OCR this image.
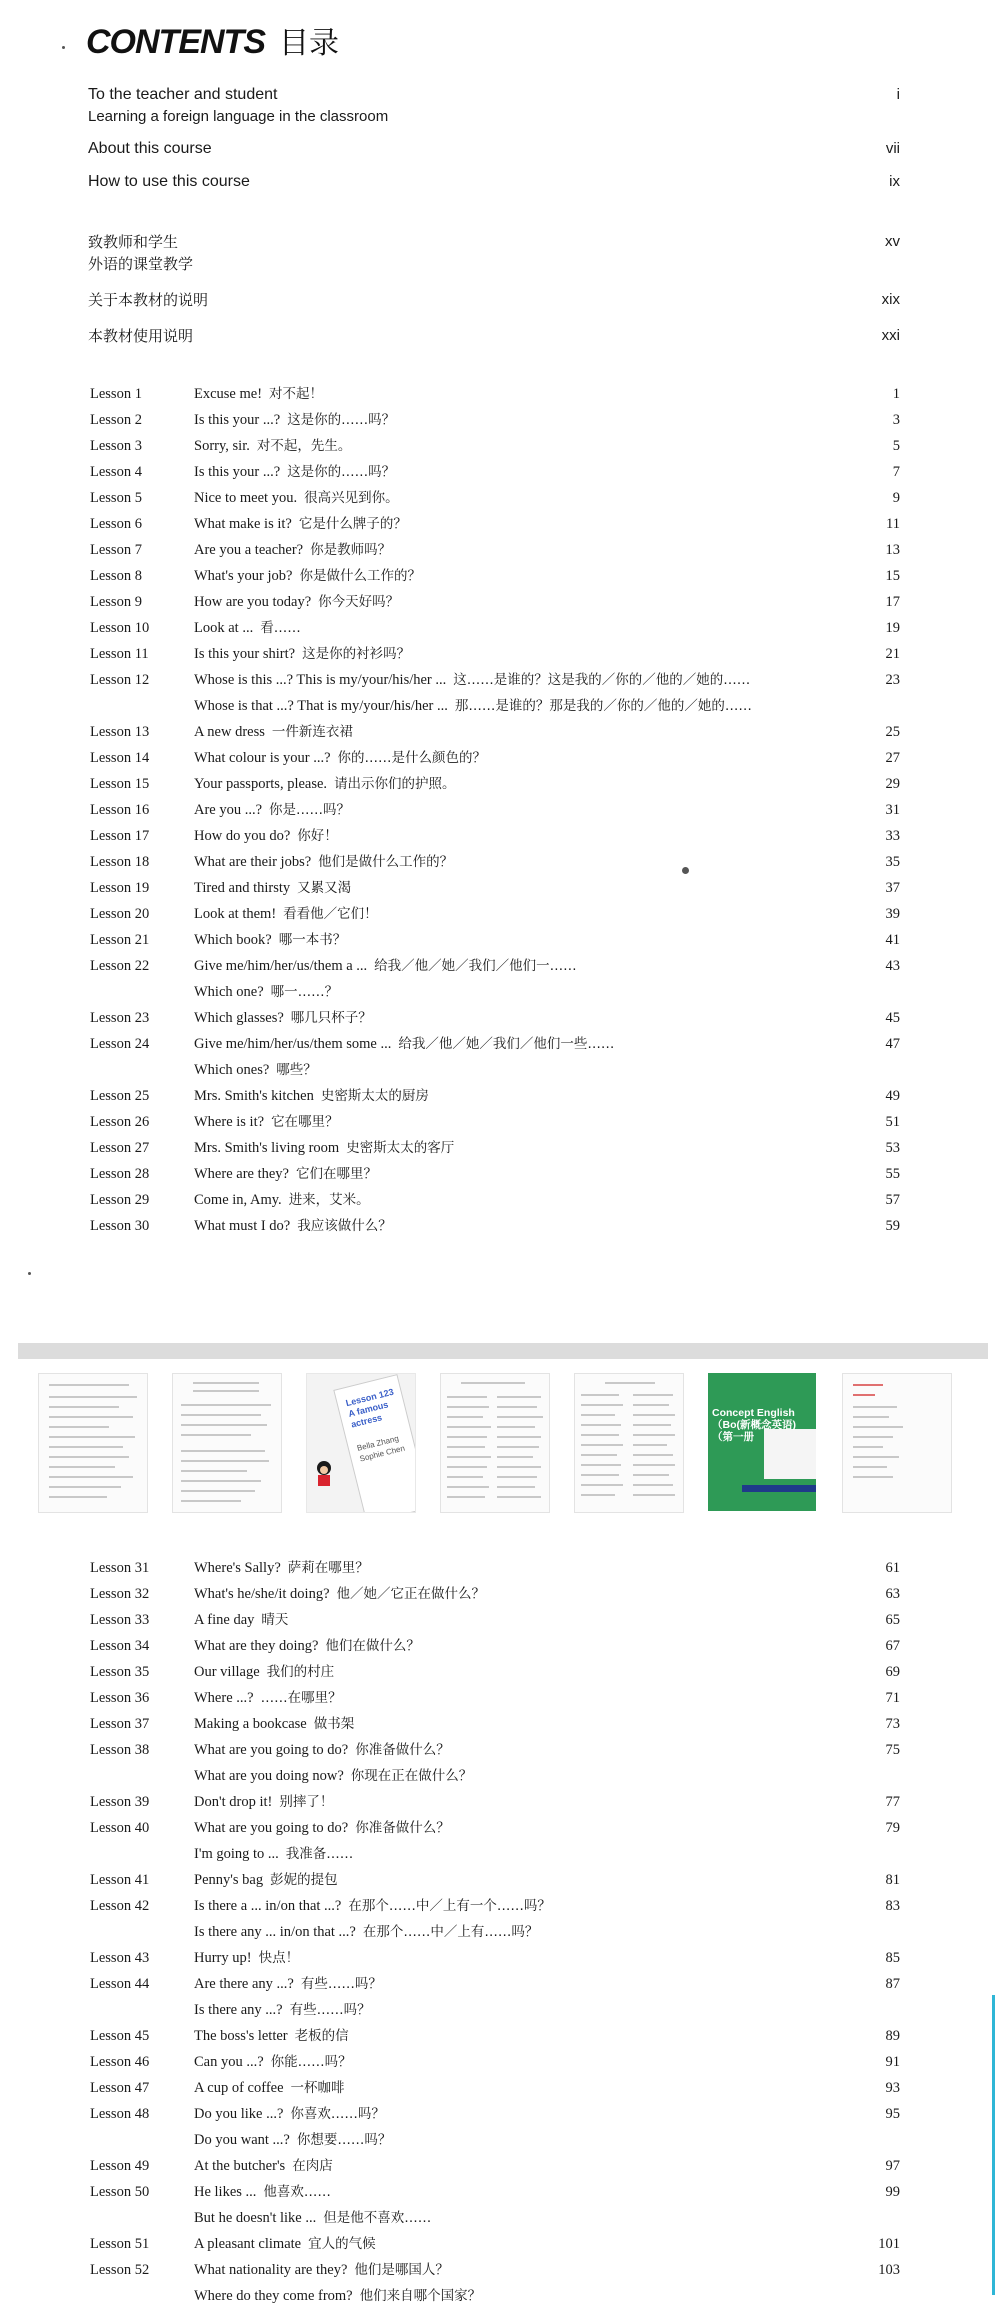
CONTENTS 目录
To the teacher and student	i
Learning a foreign language in the classroom
About this course	vii
How to use this course	ix
致教师和学生	xv
外语的课堂教学
关于本教材的说明	xix
本教材使用说明	xxi
Lesson 1	Excuse me! 对不起！	1
Lesson 2	Is this your ...? 这是你的……吗？	3
Lesson 3	Sorry, sir. 对不起，先生。	5
Lesson 4	Is this your ...? 这是你的……吗？	7
Lesson 5	Nice to meet you. 很高兴见到你。	9
Lesson 6	What make is it? 它是什么牌子的？	11
Lesson 7	Are you a teacher? 你是教师吗？	13
Lesson 8	What's your job? 你是做什么工作的？	15
Lesson 9	How are you today? 你今天好吗？	17
Lesson 10	Look at ... 看……	19
Lesson 11	Is this your shirt? 这是你的衬衫吗？	21
Lesson 12	Whose is this ...? This is my/your/his/her ... 这……是谁的？这是我的／你的／他的／她的……	23
Whose is that ...? That is my/your/his/her ... 那……是谁的？那是我的／你的／他的／她的……
Lesson 13	A new dress 一件新连衣裙	25
Lesson 14	What colour is your ...? 你的……是什么颜色的？	27
Lesson 15	Your passports, please. 请出示你们的护照。	29
Lesson 16	Are you ...? 你是……吗？	31
Lesson 17	How do you do? 你好！	33
Lesson 18	What are their jobs? 他们是做什么工作的？	35
Lesson 19	Tired and thirsty 又累又渴	37
Lesson 20	Look at them! 看看他／它们！	39
Lesson 21	Which book? 哪一本书？	41
Lesson 22	Give me/him/her/us/them a ... 给我／他／她／我们／他们一……	43
Which one? 哪一……？
Lesson 23	Which glasses? 哪几只杯子？	45
Lesson 24	Give me/him/her/us/them some ... 给我／他／她／我们／他们一些……	47
Which ones? 哪些？
Lesson 25	Mrs. Smith's kitchen 史密斯太太的厨房	49
Lesson 26	Where is it? 它在哪里？	51
Lesson 27	Mrs. Smith's living room 史密斯太太的客厅	53
Lesson 28	Where are they? 它们在哪里？	55
Lesson 29	Come in, Amy. 进来，艾米。	57
Lesson 30	What must I do? 我应该做什么？	59
Lesson 123 A famous actress
Bella Zhang Sophie Chen
Concept English（Bo(新概念英语)（第一册
Lesson 31	Where's Sally? 萨莉在哪里？	61
Lesson 32	What's he/she/it doing? 他／她／它正在做什么？	63
Lesson 33	A fine day 晴天	65
Lesson 34	What are they doing? 他们在做什么？	67
Lesson 35	Our village 我们的村庄	69
Lesson 36	Where ...? ……在哪里？	71
Lesson 37	Making a bookcase 做书架	73
Lesson 38	What are you going to do? 你准备做什么？	75
What are you doing now? 你现在正在做什么？
Lesson 39	Don't drop it! 别摔了！	77
Lesson 40	What are you going to do? 你准备做什么？	79
I'm going to ... 我准备……
Lesson 41	Penny's bag 彭妮的提包	81
Lesson 42	Is there a ... in/on that ...? 在那个……中／上有一个……吗？	83
Is there any ... in/on that ...? 在那个……中／上有……吗？
Lesson 43	Hurry up! 快点！	85
Lesson 44	Are there any ...? 有些……吗？	87
Is there any ...? 有些……吗？
Lesson 45	The boss's letter 老板的信	89
Lesson 46	Can you ...? 你能……吗？	91
Lesson 47	A cup of coffee 一杯咖啡	93
Lesson 48	Do you like ...? 你喜欢……吗？	95
Do you want ...? 你想要……吗？
Lesson 49	At the butcher's 在肉店	97
Lesson 50	He likes ... 他喜欢……	99
But he doesn't like ... 但是他不喜欢……
Lesson 51	A pleasant climate 宜人的气候	101
Lesson 52	What nationality are they? 他们是哪国人？	103
Where do they come from? 他们来自哪个国家？
